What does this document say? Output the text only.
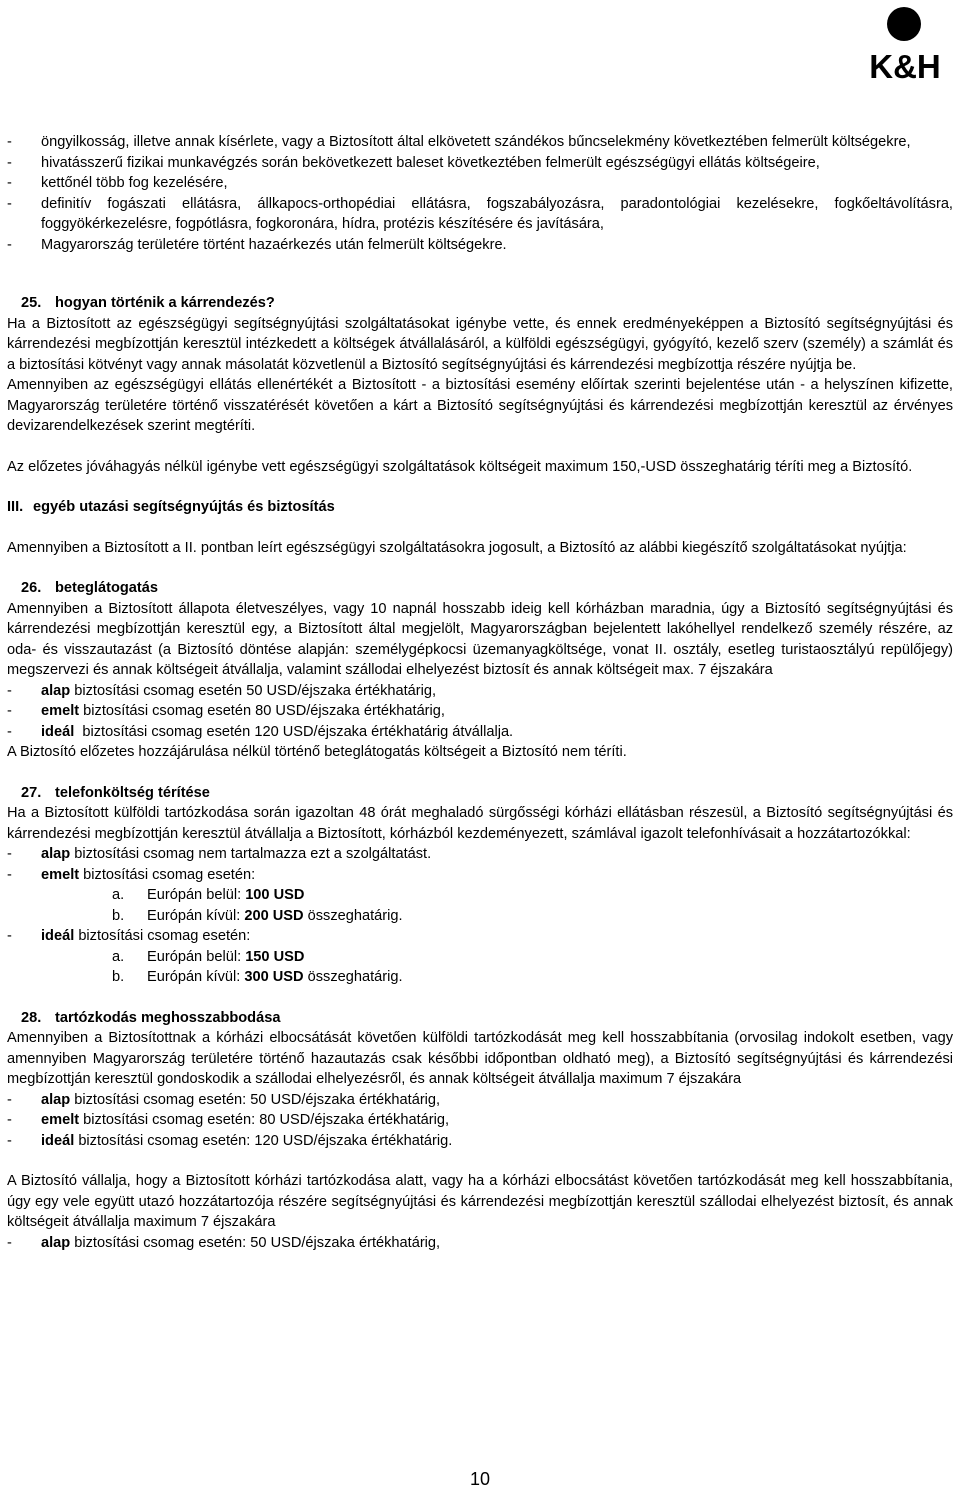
K&H
-	öngyilkosság, illetve annak kísérlete, vagy a Biztosított által elkövetett szándékos bűncselekmény következtében felmerült költségekre,
-	hivatásszerű fizikai munkavégzés során bekövetkezett baleset következtében felmerült egészségügyi ellátás költségeire,
-	kettőnél több fog kezelésére,
-	definitív fogászati ellátásra, állkapocs-orthopédiai ellátásra, fogszabályozásra, paradontológiai kezelésekre, fogkőeltávolításra, foggyökérkezelésre, fogpótlásra, fogkoronára, hídra, protézis készítésére és javítására,
-	Magyarország területére történt hazaérkezés után felmerült költségekre.
25. hogyan történik a kárrendezés?
Ha a Biztosított az egészségügyi segítségnyújtási szolgáltatásokat igénybe vette, és ennek eredményeképpen a Biztosító segítségnyújtási és kárrendezési megbízottján keresztül intézkedett a költségek átvállalásáról, a külföldi egészségügyi, gyógyító, kezelő szerv (személy) a számlát és a biztosítási kötvényt vagy annak másolatát közvetlenül a Biztosító segítségnyújtási és kárrendezési megbízottja részére nyújtja be.
Amennyiben az egészségügyi ellátás ellenértékét a Biztosított - a biztosítási esemény előírtak szerinti bejelentése után - a helyszínen kifizette, Magyarország területére történő visszatérését követően a kárt a Biztosító segítségnyújtási és kárrendezési megbízottján keresztül az érvényes devizarendelkezések szerint megtéríti.
Az előzetes jóváhagyás nélkül igénybe vett egészségügyi szolgáltatások költségeit maximum 150,-USD összeghatárig téríti meg a Biztosító.
III. egyéb utazási segítségnyújtás és biztosítás
Amennyiben a Biztosított a II. pontban leírt egészségügyi szolgáltatásokra jogosult, a Biztosító az alábbi kiegészítő szolgáltatásokat nyújtja:
26. beteglátogatás
Amennyiben a Biztosított állapota életveszélyes, vagy 10 napnál hosszabb ideig kell kórházban maradnia, úgy a Biztosító segítségnyújtási és kárrendezési megbízottján keresztül egy, a Biztosított által megjelölt, Magyarországban bejelentett lakóhellyel rendelkező személy részére, az oda- és visszautazást (a Biztosító döntése alapján: személygépkocsi üzemanyagköltsége, vonat II. osztály, esetleg turistaosztályú repülőjegy) megszervezi és annak költségeit átvállalja, valamint szállodai elhelyezést biztosít és annak költségeit max. 7 éjszakára
-	alap biztosítási csomag esetén 50 USD/éjszaka értékhatárig,
-	emelt biztosítási csomag esetén 80 USD/éjszaka értékhatárig,
-	ideál  biztosítási csomag esetén 120 USD/éjszaka értékhatárig átvállalja.
A Biztosító előzetes hozzájárulása nélkül történő beteglátogatás költségeit a Biztosító nem téríti.
27. telefonköltség térítése
Ha a Biztosított külföldi tartózkodása során igazoltan 48 órát meghaladó sürgősségi kórházi ellátásban részesül, a Biztosító segítségnyújtási és kárrendezési megbízottján keresztül átvállalja a Biztosított, kórházból kezdeményezett, számlával igazolt telefonhívásait a hozzátartozókkal:
-	alap biztosítási csomag nem tartalmazza ezt a szolgáltatást.
-	emelt biztosítási csomag esetén:
a.	Európán belül: 100 USD
b.	Európán kívül: 200 USD összeghatárig.
-	ideál biztosítási csomag esetén:
a.	Európán belül: 150 USD
b.	Európán kívül: 300 USD összeghatárig.
28. tartózkodás meghosszabbodása
Amennyiben a Biztosítottnak a kórházi elbocsátását követően külföldi tartózkodását meg kell hosszabbítania (orvosilag indokolt esetben, vagy amennyiben Magyarország területére történő hazautazás csak későbbi időpontban oldható meg), a Biztosító segítségnyújtási és kárrendezési megbízottján keresztül gondoskodik a szállodai elhelyezésről, és annak költségeit átvállalja maximum 7 éjszakára
-	alap biztosítási csomag esetén: 50 USD/éjszaka értékhatárig,
-	emelt biztosítási csomag esetén: 80 USD/éjszaka értékhatárig,
-	ideál biztosítási csomag esetén: 120 USD/éjszaka értékhatárig.
A Biztosító vállalja, hogy a Biztosított kórházi tartózkodása alatt, vagy ha a kórházi elbocsátást követően tartózkodását meg kell hosszabbítania, úgy egy vele együtt utazó hozzátartozója részére segítségnyújtási és kárrendezési megbízottján keresztül szállodai elhelyezést biztosít, és annak költségeit átvállalja maximum 7 éjszakára
-	alap biztosítási csomag esetén: 50 USD/éjszaka értékhatárig,
10
